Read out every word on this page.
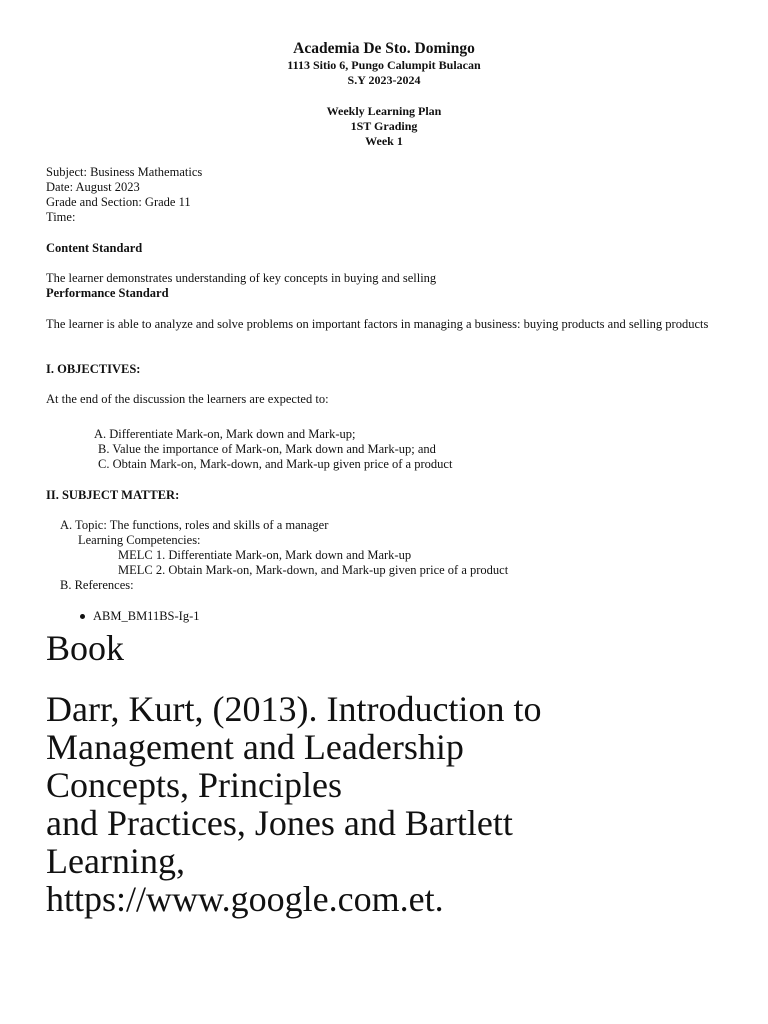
Academia De Sto. Domingo
1113 Sitio 6, Pungo Calumpit Bulacan
S.Y 2023-2024
Weekly Learning Plan
1ST Grading
Week 1
Subject: Business Mathematics
Date: August 2023
Grade and Section: Grade 11
Time:
Content Standard
The learner demonstrates understanding of key concepts in buying and selling
Performance Standard
The learner is able to analyze and solve problems on important factors in managing a business: buying products and selling products
I. OBJECTIVES:
At the end of the discussion the learners are expected to:
A. Differentiate Mark-on, Mark down and Mark-up;
B. Value the importance of Mark-on, Mark down and Mark-up; and
C. Obtain Mark-on, Mark-down, and Mark-up given price of a product
II. SUBJECT MATTER:
A. Topic: The functions, roles and skills of a manager
Learning Competencies:
MELC 1. Differentiate Mark-on, Mark down and Mark-up
MELC 2. Obtain Mark-on, Mark-down, and Mark-up given price of a product
B. References:
ABM_BM11BS-Ig-1
Book
Darr, Kurt, (2013). Introduction to
Management and Leadership
Concepts, Principles
and Practices, Jones and Bartlett
Learning,
https://www.google.com.et.
